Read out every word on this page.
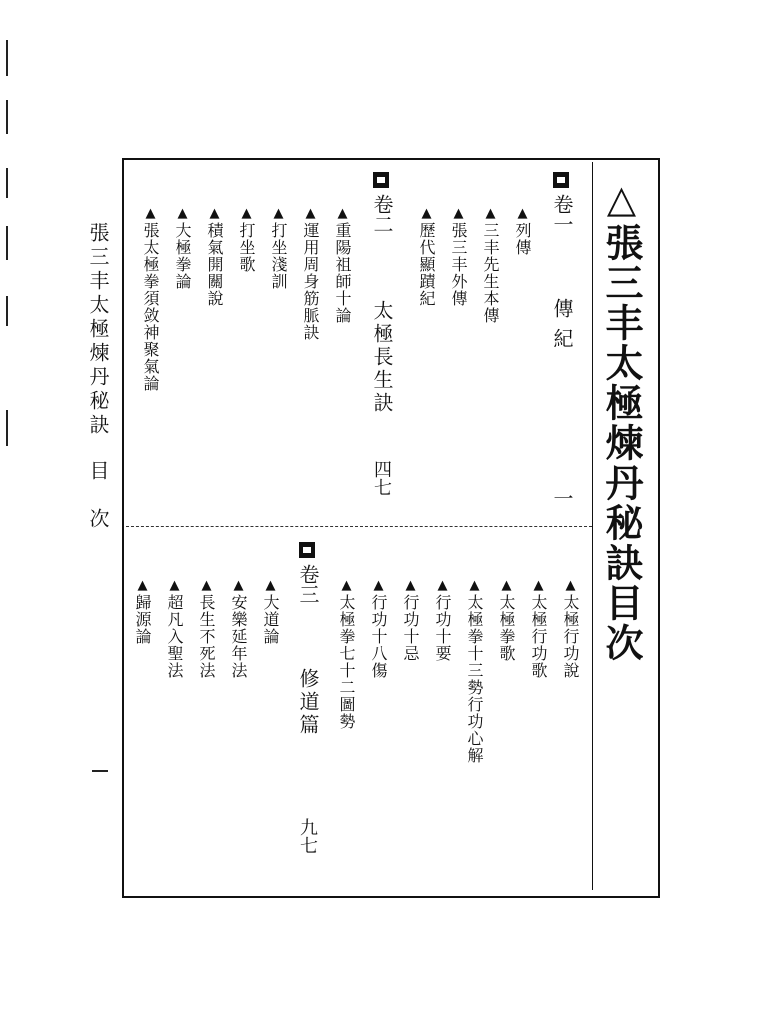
張三丰太極煉丹秘訣
目　次	△張三丰太極煉丹秘訣目次
卷一
傳紀
一
▲列傳
▲三丰先生本傳
▲張三丰外傳
▲歷代顯蹟紀
卷二
太極長生訣
四七
▲重陽祖師十論
▲運用周身筋脈訣
▲打坐淺訓
▲打坐歌
▲積氣開關說
▲大極拳論
▲張太極拳須敛神聚氣論
▲太極行功說
▲太極行功歌
▲太極拳歌
▲太極拳十三勢行功心解
▲行功十要
▲行功十忌
▲行功十八傷
▲太極拳七十二圖勢
卷三
修道篇
九七
▲大道論
▲安樂延年法
▲長生不死法
▲超凡入聖法
▲歸源論
